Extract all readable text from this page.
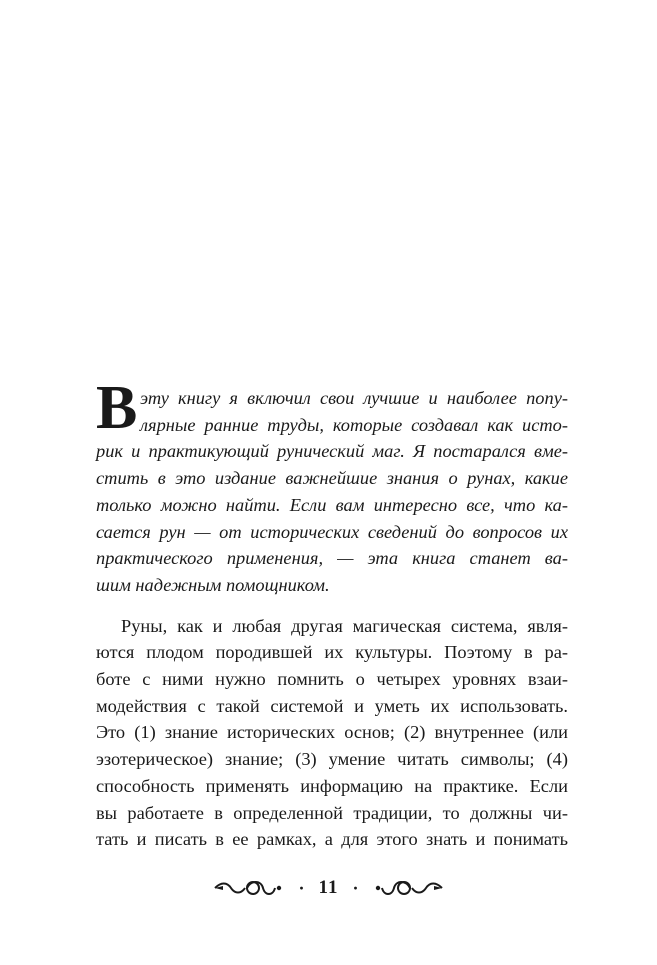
В эту книгу я включил свои лучшие и наиболее попу-
лярные ранние труды, которые создавал как исто-
рик и практикующий рунический маг. Я постарался вме-
стить в это издание важнейшие знания о рунах, какие
только можно найти. Если вам интересно все, что ка-
сается рун — от исторических сведений до вопросов их
практического применения, — эта книга станет ва-
шим надежным помощником.
Руны, как и любая другая магическая система, явля-
ются плодом породившей их культуры. Поэтому в ра-
боте с ними нужно помнить о четырех уровнях взаи-
модействия с такой системой и уметь их использовать.
Это (1) знание исторических основ; (2) внутреннее (или
эзотерическое) знание; (3) умение читать символы; (4)
способность применять информацию на практике. Если
вы работаете в определенной традиции, то должны чи-
тать и писать в ее рамках, а для этого знать и понимать
· 11 ·
